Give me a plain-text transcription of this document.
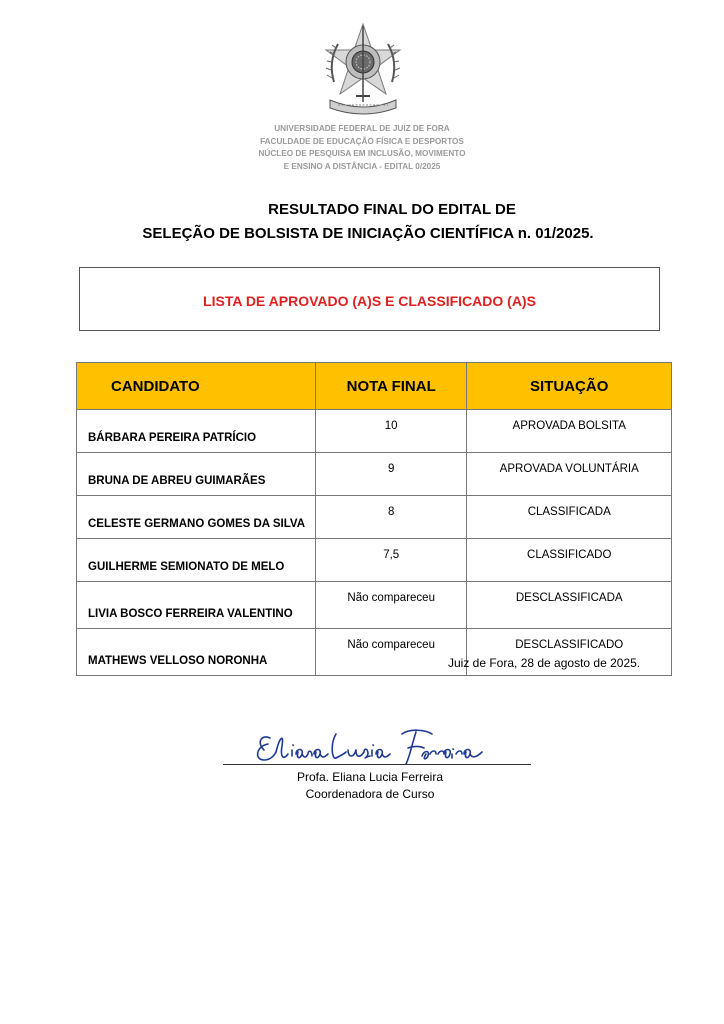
UNIVERSIDADE FEDERAL DE JUIZ DE FORA
FACULDADE DE EDUCAÇÃO FÍSICA E DESPORTOS
NÚCLEO DE PESQUISA EM INCLUSÃO, MOVIMENTO
E ENSINO A DISTÂNCIA - EDITAL 0/2025
RESULTADO FINAL DO EDITAL DE
SELEÇÃO DE BOLSISTA DE INICIAÇÃO CIENTÍFICA n. 01/2025.
LISTA DE APROVADO (A)S E CLASSIFICADO (A)S
CANDIDATO	NOTA FINAL	SITUAÇÃO
BÁRBARA PEREIRA PATRÍCIO	10	APROVADA BOLSITA
BRUNA DE ABREU GUIMARÃES	9	APROVADA VOLUNTÁRIA
CELESTE GERMANO GOMES DA SILVA	8	CLASSIFICADA
GUILHERME SEMIONATO DE MELO	7,5	CLASSIFICADO
LIVIA BOSCO FERREIRA VALENTINO	Não compareceu	DESCLASSIFICADA
MATHEWS VELLOSO NORONHA	Não compareceu	DESCLASSIFICADO
Juiz de Fora, 28 de agosto de 2025.
Profa. Eliana Lucia Ferreira
Coordenadora de Curso
